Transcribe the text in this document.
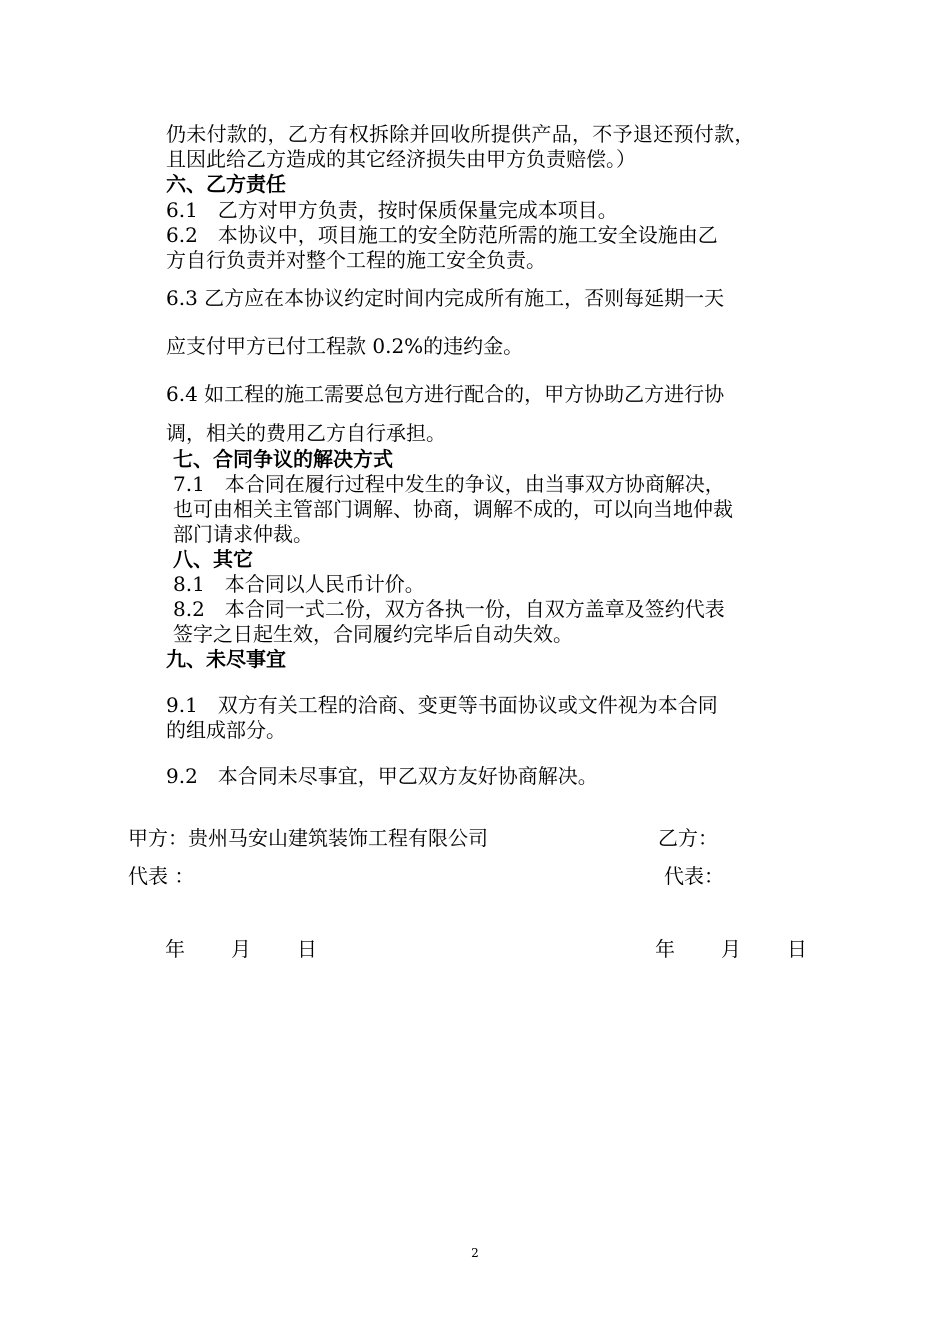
仍未付款的，乙方有权拆除并回收所提供产品，不予退还预付款，
且因此给乙方造成的其它经济损失由甲方负责赔偿。）
六、乙方责任
6.1　乙方对甲方负责，按时保质保量完成本项目。
6.2　本协议中，项目施工的安全防范所需的施工安全设施由乙
方自行负责并对整个工程的施工安全负责。
6.3 乙方应在本协议约定时间内完成所有施工，否则每延期一天
应支付甲方已付工程款 0.2%的违约金。
6.4 如工程的施工需要总包方进行配合的，甲方协助乙方进行协
调，相关的费用乙方自行承担。
七、合同争议的解决方式
7.1　本合同在履行过程中发生的争议，由当事双方协商解决，
也可由相关主管部门调解、协商，调解不成的，可以向当地仲裁
部门请求仲裁。
八、其它
8.1　本合同以人民币计价。
8.2　本合同一式二份，双方各执一份，自双方盖章及签约代表
签字之日起生效，合同履约完毕后自动失效。
九、未尽事宜
9.1　双方有关工程的洽商、变更等书面协议或文件视为本合同
的组成部分。
9.2　本合同未尽事宜，甲乙双方友好协商解决。
甲方：贵州马安山建筑装饰工程有限公司	乙方：
代表 ：	代表：
年　　月　　日	年　　月　　日
2
